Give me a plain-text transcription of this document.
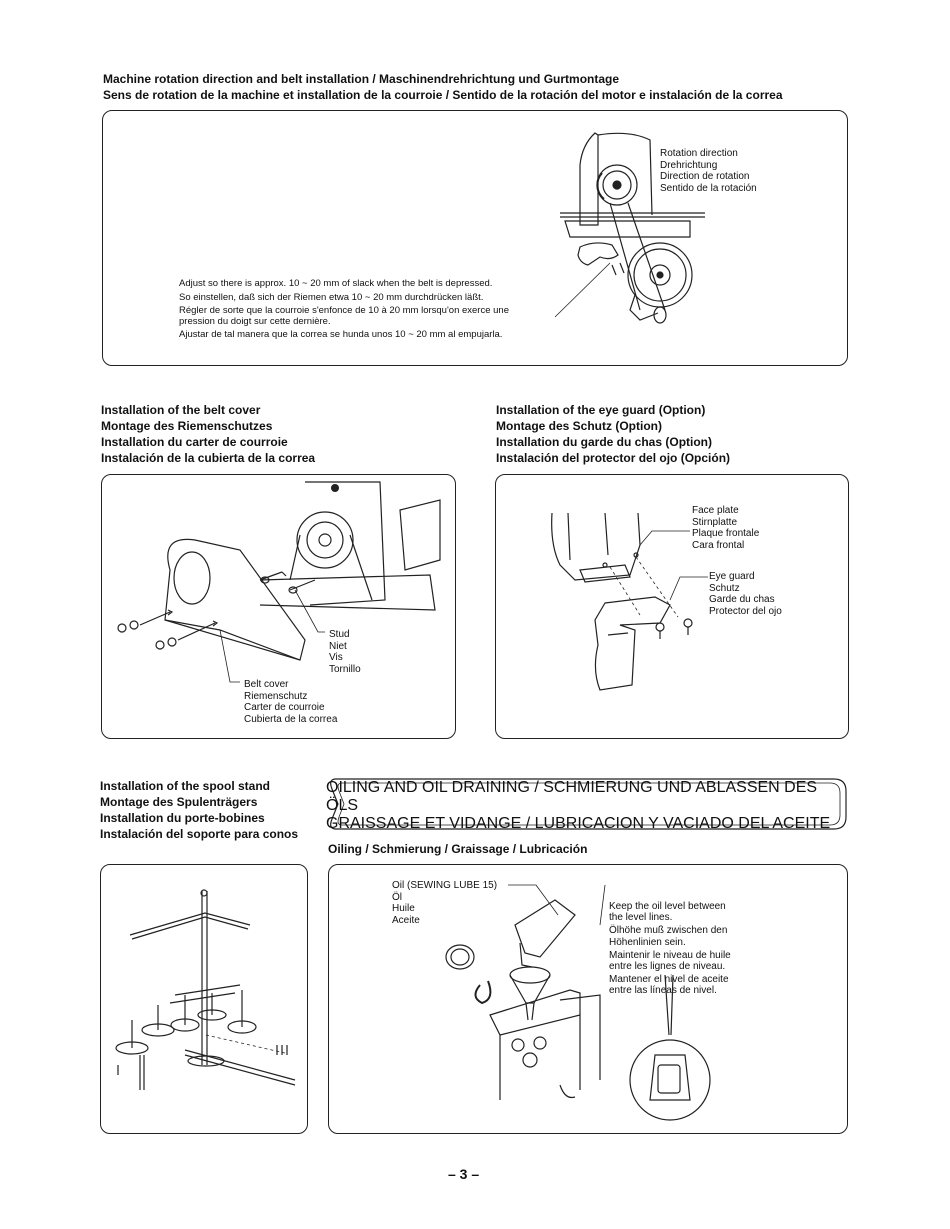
Machine rotation direction and belt installation / Maschinendrehrichtung und Gurtmontage
Sens de rotation de la machine et installation de la courroie / Sentido de la rotación del motor e instalación de la correa
Rotation direction
Drehrichtung
Direction de rotation
Sentido de la rotación
Adjust so there is approx. 10 ~ 20 mm of slack when the belt is depressed.
So einstellen, daß sich der Riemen etwa 10 ~ 20 mm durchdrücken läßt.
Régler de sorte que la courroie s'enfonce de 10 à 20 mm lorsqu'on exerce une
pression du doigt sur cette dernière.
Ajustar de tal manera que la correa se hunda unos 10 ~ 20 mm al empujarla.
Installation of the belt cover
Montage des Riemenschutzes
Installation du carter de courroie
Instalación de la cubierta de la correa
Stud
Niet
Vis
Tornillo
Belt cover
Riemenschutz
Carter de courroie
Cubierta de la correa
Installation of the eye guard (Option)
Montage des Schutz (Option)
Installation du garde du chas (Option)
Instalación del protector del ojo (Opción)
Face plate
Stirnplatte
Plaque frontale
Cara frontal
Eye guard
Schutz
Garde du chas
Protector del ojo
Installation of the spool stand
Montage des Spulenträgers
Installation du porte-bobines
Instalación del soporte para conos
OILING AND OIL DRAINING / SCHMIERUNG UND ABLASSEN DES ÖLS
GRAISSAGE ET VIDANGE / LUBRICACION Y VACIADO DEL ACEITE
Oiling / Schmierung / Graissage / Lubricación
Oil (SEWING LUBE 15)
Öl
Huile
Aceite
Keep the oil level between
the level lines.
Ölhöhe muß zwischen den
Höhenlinien sein.
Maintenir le niveau de huile
entre les lignes de niveau.
Mantener el nivel de aceite
entre las líneas de nivel.
– 3 –
